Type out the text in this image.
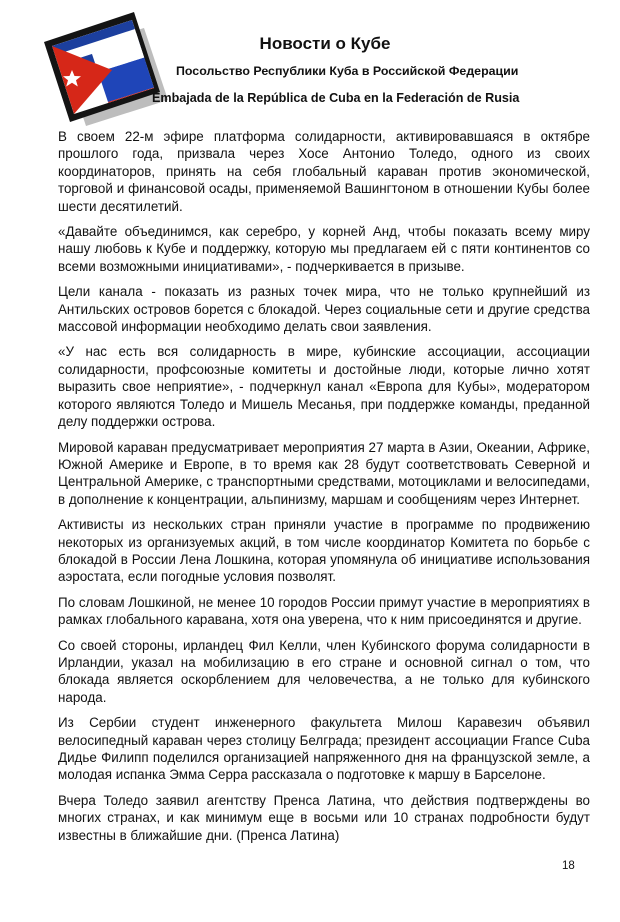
Новости о Кубе
Посольство Республики Куба в Российской Федерации
Embajada de la República de Cuba en la Federación de Rusia

В своем 22-м эфире платформа солидарности, активировавшаяся в октябре прошлого года, призвала через Хосе Антонио Толедо, одного из своих координаторов, принять на себя глобальный караван против экономической, торговой и финансовой осады, применяемой Вашингтоном в отношении Кубы более шести десятилетий.

«Давайте объединимся, как серебро, у корней Анд, чтобы показать всему миру нашу любовь к Кубе и поддержку, которую мы предлагаем ей с пяти континентов со всеми возможными инициативами», - подчеркивается в призыве.

Цели канала - показать из разных точек мира, что не только крупнейший из Антильских островов борется с блокадой. Через социальные сети и другие средства массовой информации необходимо делать свои заявления.

«У нас есть вся солидарность в мире, кубинские ассоциации, ассоциации солидарности, профсоюзные комитеты и достойные люди, которые лично хотят выразить свое неприятие», - подчеркнул канал «Европа для Кубы», модератором которого являются Толедо и Мишель Месанья, при поддержке команды, преданной делу поддержки острова.

Мировой караван предусматривает мероприятия 27 марта в Азии, Океании, Африке, Южной Америке и Европе, в то время как 28 будут соответствовать Северной и Центральной Америке, с транспортными средствами, мотоциклами и велосипедами, в дополнение к концентрации, альпинизму, маршам и сообщениям через Интернет.

Активисты из нескольких стран приняли участие в программе по продвижению некоторых из организуемых акций, в том числе координатор Комитета по борьбе с блокадой в России Лена Лошкина, которая упомянула об инициативе использования аэростата, если погодные условия позволят.

По словам Лошкиной, не менее 10 городов России примут участие в мероприятиях в рамках глобального каравана, хотя она уверена, что к ним присоединятся и другие.

Со своей стороны, ирландец Фил Келли, член Кубинского форума солидарности в Ирландии, указал на мобилизацию в его стране и основной сигнал о том, что блокада является оскорблением для человечества, а не только для кубинского народа.

Из Сербии студент инженерного факультета Милош Каравезич объявил велосипедный караван через столицу Белграда; президент ассоциации France Cuba Дидье Филипп поделился организацией напряженного дня на французской земле, а молодая испанка Эмма Серра рассказала о подготовке к маршу в Барселоне.

Вчера Толедо заявил агентству Пренса Латина, что действия подтверждены во многих странах, и как минимум еще в восьми или 10 странах подробности будут известны в ближайшие дни. (Пренса Латина)

18
